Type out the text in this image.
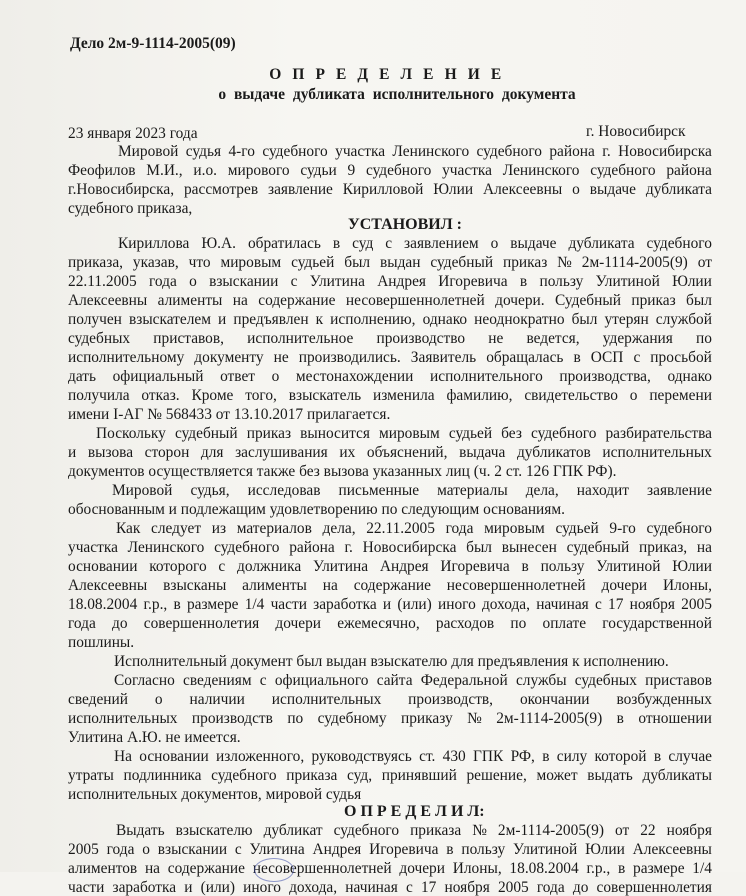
Дело 2м-9-1114-2005(09)
О П Р Е Д Е Л Е Н И Е
о выдаче дубликата исполнительного документа
23 января 2023 года	г. Новосибирск
Мировой судья 4-го судебного участка Ленинского судебного района г. Новосибирска
Феофилов М.И., и.о. мирового судьи 9 судебного участка Ленинского судебного района
г.Новосибирска, рассмотрев заявление Кирилловой Юлии Алексеевны о выдаче дубликата
судебного приказа,
УСТАНОВИЛ :
Кириллова Ю.А. обратилась в суд с заявлением о выдаче дубликата судебного
приказа, указав, что мировым судьей был выдан судебный приказ № 2м-1114-2005(9) от
22.11.2005 года о взыскании с Улитина Андрея Игоревича в пользу Улитиной Юлии
Алексеевны алименты на содержание несовершеннолетней дочери. Судебный приказ был
получен взыскателем и предъявлен к исполнению, однако неоднократно был утерян службой
судебных приставов, исполнительное производство не ведется, удержания по
исполнительному документу не производились. Заявитель обращалась в ОСП с просьбой
дать официальный ответ о местонахождении исполнительного производства, однако
получила отказ. Кроме того, взыскатель изменила фамилию, свидетельство о перемени
имени I-АГ № 568433 от 13.10.2017 прилагается.
Поскольку судебный приказ выносится мировым судьей без судебного разбирательства
и вызова сторон для заслушивания их объяснений, выдача дубликатов исполнительных
документов осуществляется также без вызова указанных лиц (ч. 2 ст. 126 ГПК РФ).
Мировой судья, исследовав письменные материалы дела, находит заявление
обоснованным и подлежащим удовлетворению по следующим основаниям.
Как следует из материалов дела, 22.11.2005 года мировым судьей 9-го судебного
участка Ленинского судебного района г. Новосибирска был вынесен судебный приказ, на
основании которого с должника Улитина Андрея Игоревича в пользу Улитиной Юлии
Алексеевны взысканы алименты на содержание несовершеннолетней дочери Илоны,
18.08.2004 г.р., в размере 1/4 части заработка и (или) иного дохода, начиная с 17 ноября 2005
года до совершеннолетия дочери ежемесячно, расходов по оплате государственной
пошлины.
Исполнительный документ был выдан взыскателю для предъявления к исполнению.
Согласно сведениям с официального сайта Федеральной службы судебных приставов
сведений о наличии исполнительных производств, окончании возбужденных
исполнительных производств по судебному приказу № 2м-1114-2005(9) в отношении
Улитина А.Ю. не имеется.
На основании изложенного, руководствуясь ст. 430 ГПК РФ, в силу которой в случае
утраты подлинника судебного приказа суд, принявший решение, может выдать дубликаты
исполнительных документов, мировой судья
О П Р Е Д Е Л И Л:
Выдать взыскателю дубликат судебного приказа № 2м-1114-2005(9) от 22 ноября
2005 года о взыскании с Улитина Андрея Игоревича в пользу Улитиной Юлии Алексеевны
алиментов на содержание несовершеннолетней дочери Илоны, 18.08.2004 г.р., в размере 1/4
части заработка и (или) иного дохода, начиная с 17 ноября 2005 года до совершеннолетия
